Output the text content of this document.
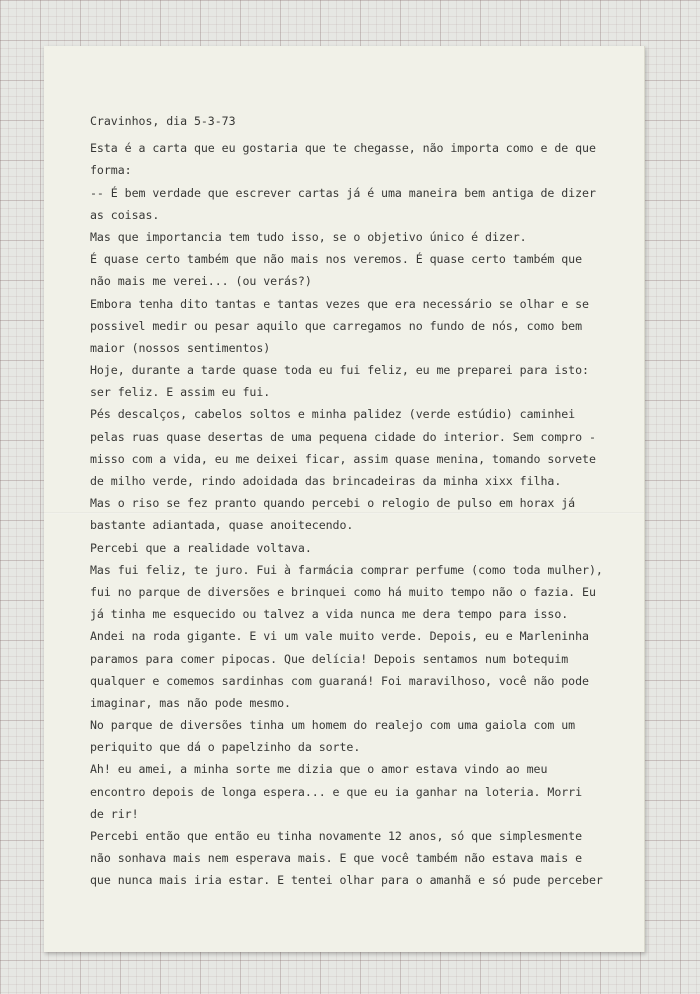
Cravinhos, dia 5-3-73
Esta é a carta que eu gostaria que te chegasse, não importa como e de que
forma:
-- É bem verdade que escrever cartas já é uma maneira bem antiga de dizer
as coisas.
Mas que importancia tem tudo isso, se o objetivo único é dizer.
É quase certo também que não mais nos veremos. É quase certo também que
não mais me verei... (ou verás?)
Embora tenha dito tantas e tantas vezes que era necessário se olhar e se
possivel medir ou pesar aquilo que carregamos no fundo de nós, como bem
maior (nossos sentimentos)
Hoje, durante a tarde quase toda eu fui feliz, eu me preparei para isto:
ser feliz. E assim eu fui.
Pés descalços, cabelos soltos e minha palidez (verde estúdio) caminhei
pelas ruas quase desertas de uma pequena cidade do interior. Sem compro -
misso com a vida, eu me deixei ficar, assim quase menina, tomando sorvete
de milho verde, rindo adoidada das brincadeiras da minha xixx filha.
Mas o riso se fez pranto quando percebi o relogio de pulso em horax já
bastante adiantada, quase anoitecendo.
Percebi que a realidade voltava.
Mas fui feliz, te juro. Fui à farmácia comprar perfume (como toda mulher),
fui no parque de diversões e brinquei como há muito tempo não o fazia. Eu
já tinha me esquecido ou talvez a vida nunca me dera tempo para isso.
Andei na roda gigante. E vi um vale muito verde. Depois, eu e Marleninha
paramos para comer pipocas. Que delícia! Depois sentamos num botequim
qualquer e comemos sardinhas com guaraná! Foi maravilhoso, você não pode
imaginar, mas não pode mesmo.
No parque de diversões tinha um homem do realejo com uma gaiola com um
periquito que dá o papelzinho da sorte.
Ah! eu amei, a minha sorte me dizia que o amor estava vindo ao meu
encontro depois de longa espera... e que eu ia ganhar na loteria. Morri
de rir!
Percebi então que então eu tinha novamente 12 anos, só que simplesmente
não sonhava mais nem esperava mais. E que você também não estava mais e
que nunca mais iria estar. E tentei olhar para o amanhã e só pude perceber
